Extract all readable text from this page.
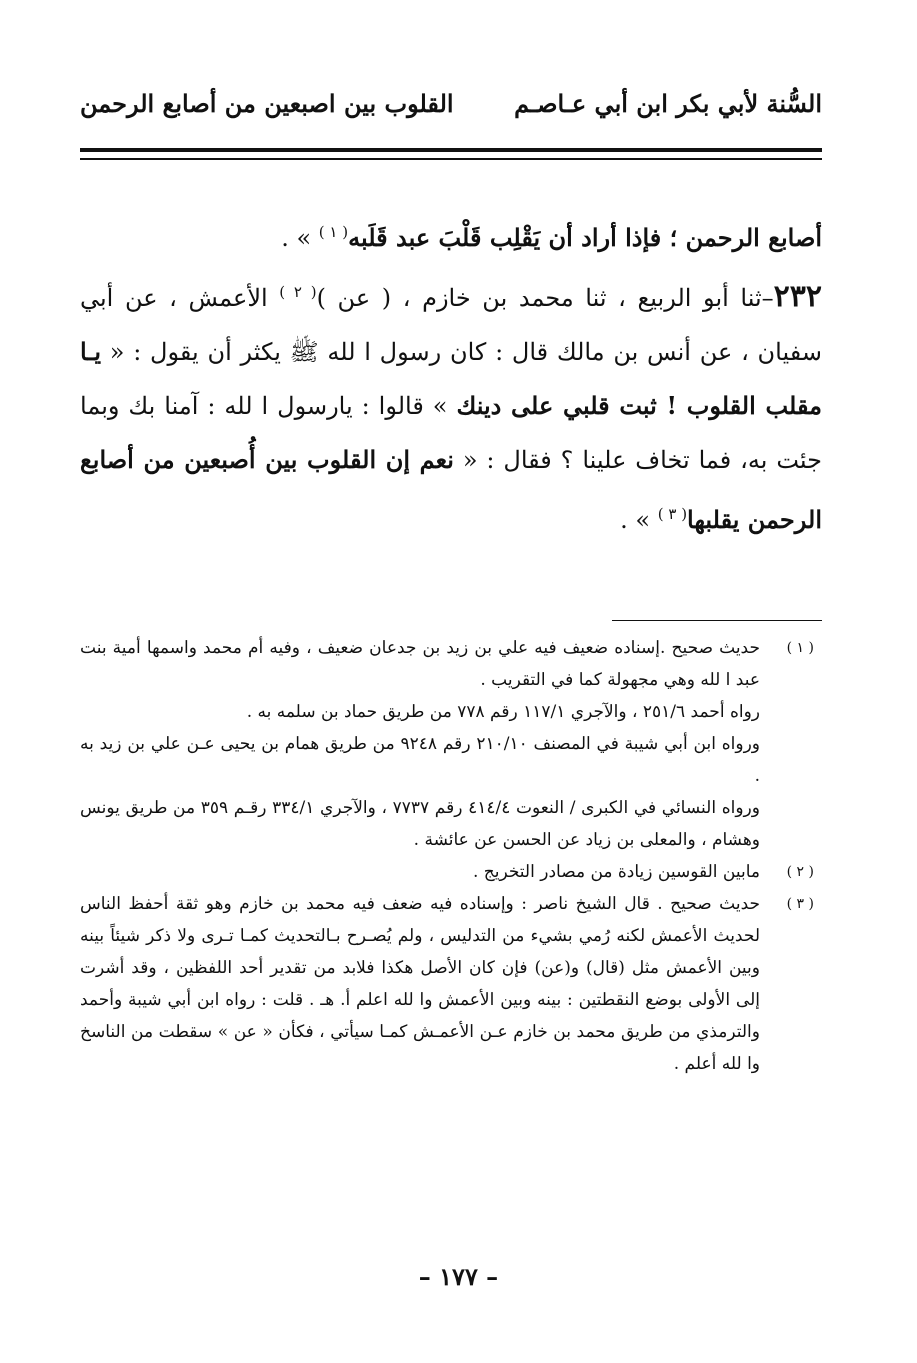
السُّنة لأبي بكر ابن أبي عـاصـم
القلوب بين اصبعين من أصابع الرحمن

أصابع الرحمن ؛ فإذا أراد أن يَقْلِب قَلْبَ عبد قَلَبه$^{( ١ )}$ » .

٢٣٢–ثنا أبو الربيع ، ثنا محمد بن خازم ، ( عن )$^{( ٢ )}$ الأعمش ، عن أبي سفيان ، عن أنس بن مالك قال : كان رسول ا لله ﷺ يكثر أن يقول : « يـا مقلب القلوب ! ثبت قلبي على دينك » قالوا : يارسول ا لله : آمنا بك وبما جئت به، فما تخاف علينا ؟ فقال : « نعم إن القلوب بين أُصبعين من أصابع الرحمن يقلبها$^{( ٣ )}$ » .

( ١ )

حديث صحيح .إسناده ضعيف فيه علي بن زيد بن جدعان ضعيف ، وفيه أم محمد واسمها أمية بنت عبد ا لله وهي مجهولة كما في التقريب .

رواه أحمد ٢٥١/٦ ، والآجري ١١٧/١ رقم ٧٧٨ من طريق حماد بن سلمه به .

ورواه ابن أبي شيبة في المصنف ٢١٠/١٠ رقم ٩٢٤٨ من طريق همام بن يحيى عـن علي بن زيد به .

ورواه النسائي في الكبرى / النعوت ٤١٤/٤ رقم ٧٧٣٧ ، والآجري ٣٣٤/١ رقـم ٣٥٩ من طريق يونس وهشام ، والمعلى بن زياد عن الحسن عن عائشة .

( ٢ )

مابين القوسين زيادة من مصادر التخريج .

( ٣ )

حديث صحيح . قال الشيخ ناصر : وإسناده فيه ضعف فيه محمد بن خازم وهو ثقة أحفظ الناس لحديث الأعمش لكنه رُمي بشيء من التدليس ، ولم يُصـرح بـالتحديث كمـا تـرى ولا ذكر شيئاً بينه وبين الأعمش مثل (قال) و(عن) فإن كان الأصل هكذا فلابد من تقدير أحد اللفظين ، وقد أشرت إلى الأولى بوضع النقطتين : بينه وبين الأعمش وا لله اعلم أ. هـ . قلت : رواه ابن أبي شيبة وأحمد والترمذي من طريق محمد بن خازم عـن الأعمـش كمـا سيأتي ، فكأن « عن » سقطت من الناسخ وا لله أعلم .

– ١٧٧ –
